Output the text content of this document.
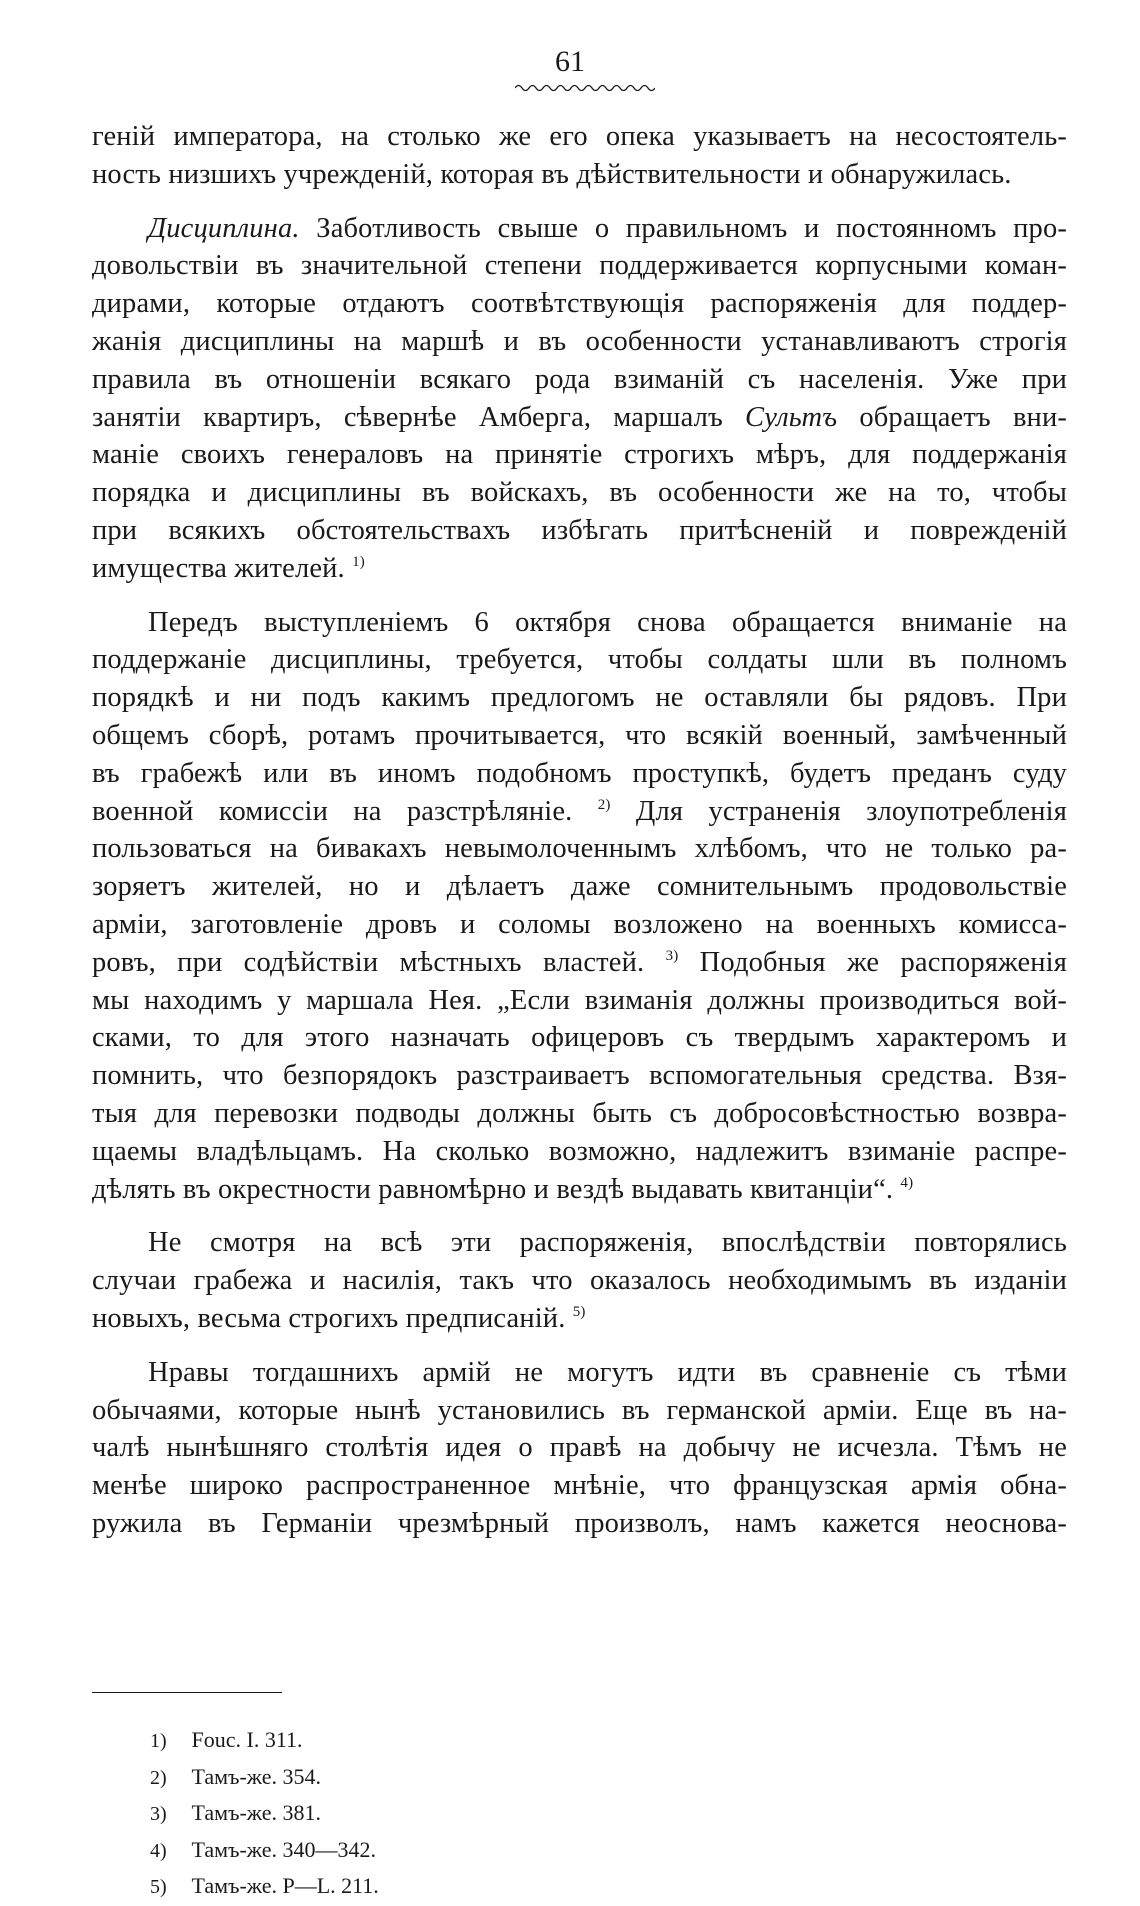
61
геній императора, на столько же его опека указываетъ на несостоятель-
ность низшихъ учрежденій, которая въ дѣйствительности и обнаружилась.
Дисциплина. Заботливость свыше о правильномъ и постоянномъ про-
довольствіи въ значительной степени поддерживается корпусными коман-
дирами, которые отдаютъ соотвѣтствующія распоряженія для поддер-
жанія дисциплины на маршѣ и въ особенности устанавливаютъ строгія
правила въ отношеніи всякаго рода взиманій съ населенія. Уже при
занятіи квартиръ, сѣвернѣе Амберга, маршалъ Сультъ обращаетъ вни-
маніе своихъ генераловъ на принятіе строгихъ мѣръ, для поддержанія
порядка и дисциплины въ войскахъ, въ особенности же на то, чтобы
при всякихъ обстоятельствахъ избѣгать притѣсненій и поврежденій
имущества жителей. $^{1)}$
Передъ выступленіемъ 6 октября снова обращается вниманіе на
поддержаніе дисциплины, требуется, чтобы солдаты шли въ полномъ
порядкѣ и ни подъ какимъ предлогомъ не оставляли бы рядовъ. При
общемъ сборѣ, ротамъ прочитывается, что всякій военный, замѣченный
въ грабежѣ или въ иномъ подобномъ проступкѣ, будетъ преданъ суду
военной комиссіи на разстрѣляніе. $^{2)}$ Для устраненія злоупотребленія
пользоваться на бивакахъ невымолоченнымъ хлѣбомъ, что не только ра-
зоряетъ жителей, но и дѣлаетъ даже сомнительнымъ продовольствіе
арміи, заготовленіе дровъ и соломы возложено на военныхъ комисса-
ровъ, при содѣйствіи мѣстныхъ властей. $^{3)}$ Подобныя же распоряженія
мы находимъ у маршала Нея. „Если взиманія должны производиться вой-
сками, то для этого назначать офицеровъ съ твердымъ характеромъ и
помнить, что безпорядокъ разстраиваетъ вспомогательныя средства. Взя-
тыя для перевозки подводы должны быть съ добросовѣстностью возвра-
щаемы владѣльцамъ. На сколько возможно, надлежитъ взиманіе распре-
дѣлять въ окрестности равномѣрно и вездѣ выдавать квитанціи“. $^{4)}$
Не смотря на всѣ эти распоряженія, впослѣдствіи повторялись
случаи грабежа и насилія, такъ что оказалось необходимымъ въ изданіи
новыхъ, весьма строгихъ предписаній. $^{5)}$
Нравы тогдашнихъ армій не могутъ идти въ сравненіе съ тѣми
обычаями, которые нынѣ установились въ германской арміи. Еще въ на-
чалѣ нынѣшняго столѣтія идея о правѣ на добычу не исчезла. Тѣмъ не
менѣе широко распространенное мнѣніе, что французская армія обна-
ружила въ Германіи чрезмѣрный произволъ, намъ кажется неоснова-
1) Fouc. I. 311.
2) Тамъ-же. 354.
3) Тамъ-же. 381.
4) Тамъ-же. 340—342.
5) Тамъ-же. P—L. 211.
